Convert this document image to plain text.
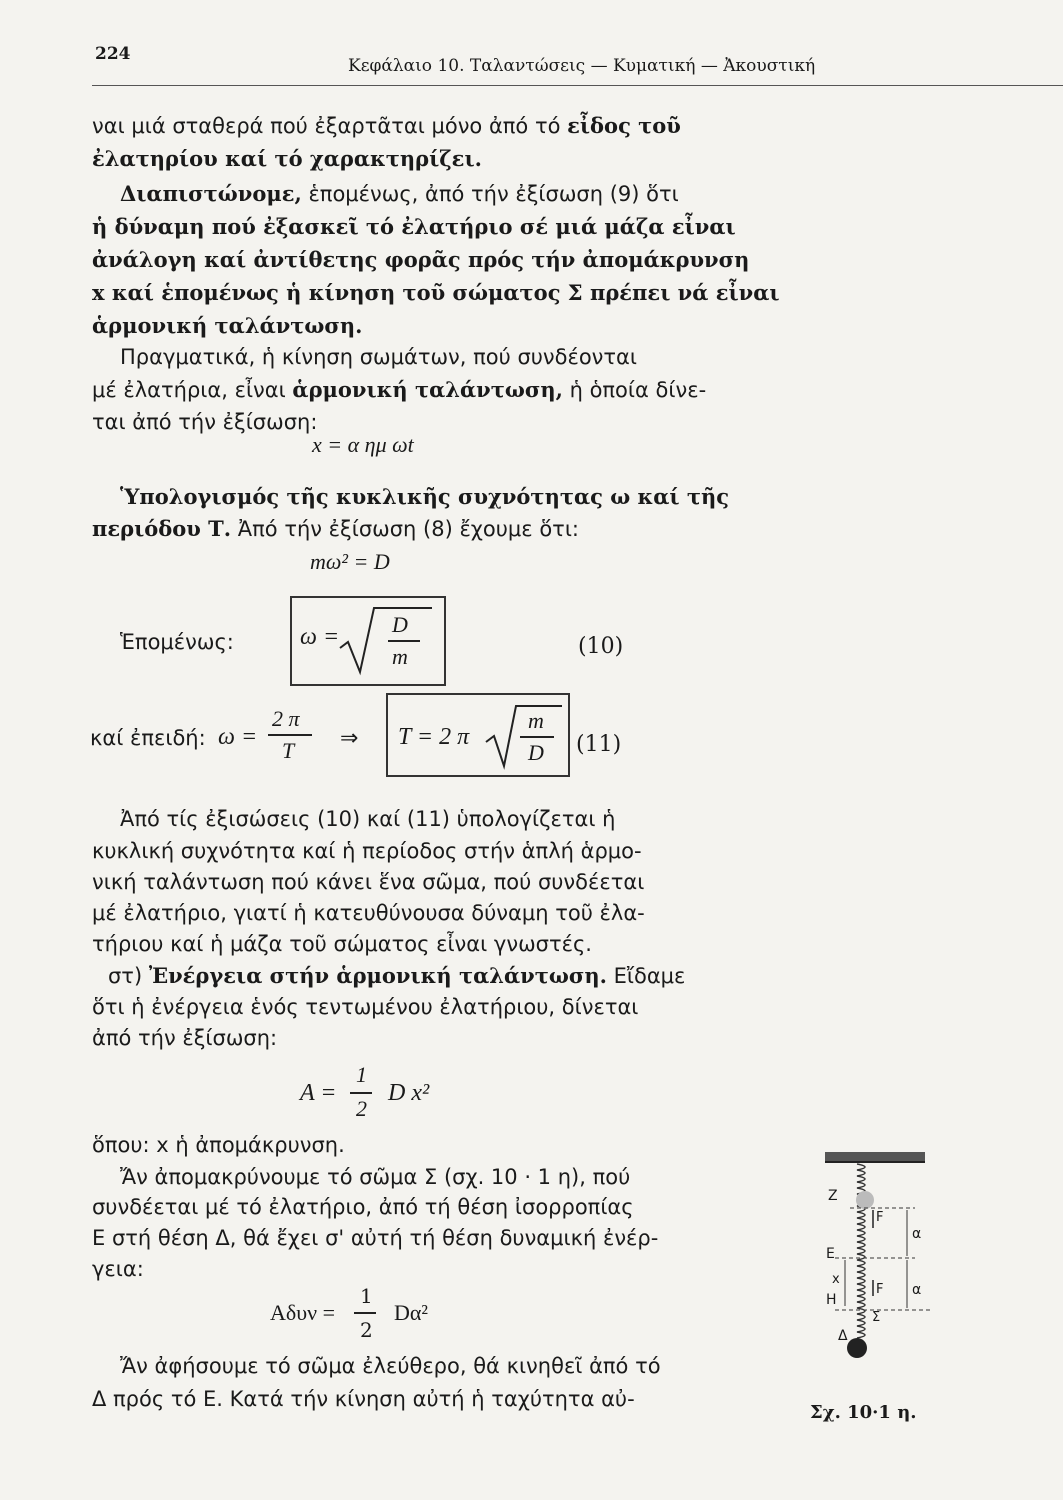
224
Κεφάλαιο 10. Ταλαντώσεις — Κυματική — Ἀκουστική
ναι μιά σταθερά πού ἐξαρτᾶται μόνο ἀπό τό εἶδος τοῦ
ἐλατηρίου καί τό χαρακτηρίζει.
Διαπιστώνομε, ἑπομένως, ἀπό τήν ἐξίσωση (9) ὅτι
ἡ δύναμη πού ἐξασκεῖ τό ἐλατήριο σέ μιά μάζα εἶναι
ἀνάλογη καί ἀντίθετης φορᾶς πρός τήν ἀπομάκρυνση
x καί ἑπομένως ἡ κίνηση τοῦ σώματος Σ πρέπει νά εἶναι
ἁρμονική ταλάντωση.
Πραγματικά, ἡ κίνηση σωμάτων, πού συνδέονται
μέ ἐλατήρια, εἶναι ἁρμονική ταλάντωση, ἡ ὁποία δίνε-
ται ἀπό τήν ἐξίσωση:
x = α ημ ωt
Ὑπολογισμός τῆς κυκλικῆς συχνότητας ω καί τῆς
περιόδου Τ. Ἀπό τήν ἐξίσωση (8) ἔχουμε ὅτι:
mω² = D
Ἑπομένως:	ω = D
m	(10)
καί ἐπειδή: ω =
2 π
T ⇒ T = 2 π
m
D (11)
Ἀπό τίς ἐξισώσεις (10) καί (11) ὑπολογίζεται ἡ
κυκλική συχνότητα καί ἡ περίοδος στήν ἁπλή ἁρμο-
νική ταλάντωση πού κάνει ἕνα σῶμα, πού συνδέεται
μέ ἐλατήριο, γιατί ἡ κατευθύνουσα δύναμη τοῦ ἐλα-
τήριου καί ἡ μάζα τοῦ σώματος εἶναι γνωστές.
στ) Ἐνέργεια στήν ἁρμονική ταλάντωση. Εἴδαμε
ὅτι ἡ ἐνέργεια ἑνός τεντωμένου ἐλατήριου, δίνεται
ἀπό τήν ἐξίσωση:
A =
1
2
D x²
ὅπου: x ἡ ἀπομάκρυνση.
Ἄν ἀπομακρύνουμε τό σῶμα Σ (σχ. 10 · 1 η), πού
συνδέεται μέ τό ἐλατήριο, ἀπό τή θέση ἰσορροπίας
Ε στή θέση Δ, θά ἔχει σ' αὐτή τή θέση δυναμική ἐνέρ-
γεια:
Aδυν =
1
2
Dα²
Ἄν ἀφήσουμε τό σῶμα ἐλεύθερο, θά κινηθεῖ ἀπό τό
Δ πρός τό Ε. Κατά τήν κίνηση αὐτή ἡ ταχύτητα αὐ-
Z
F
α
E
x
H
F α
Σ
Δ
Σχ. 10·1 η.
